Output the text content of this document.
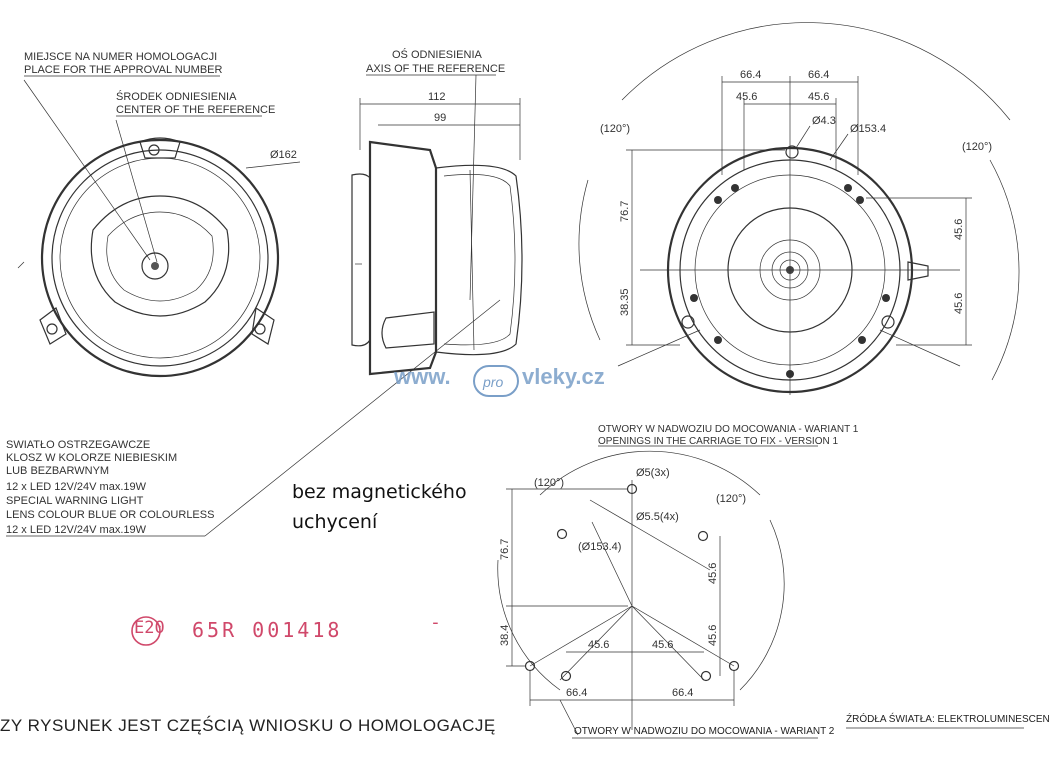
MIEJSCE NA NUMER HOMOLOGACJI
PLACE FOR THE APPROVAL NUMBER
ŚRODEK ODNIESIENIA
CENTER OF THE REFERENCE
Ø162
OŚ ODNIESIENIA
AXIS OF THE REFERENCE
112
99
66.4	66.4
45.6	45.6
Ø4.3
Ø153.4
(120°)
(120°)
76.7
38.35
45.6
45.6
SWIATŁO OSTRZEGAWCZE
KLOSZ W KOLORZE NIEBIESKIM
LUB BEZBARWNYM
12 x LED 12V/24V max.19W
SPECIAL WARNING LIGHT
LENS COLOUR BLUE OR COLOURLESS
12 x LED 12V/24V max.19W
OTWORY W NADWOZIU DO MOCOWANIA - WARIANT 1
OPENINGS IN THE CARRIAGE TO FIX - VERSION 1
Ø5(3x)
Ø5.5(4x)
(Ø153.4)
(120°)
(120°)
76.7
38.4
45.6
45.6
45.6	45.6
66.4	66.4
pro
www.	vleky.cz
bez magnetického
uchycení
E20 65R 001418	-
ZY RYSUNEK JEST CZĘŚCIĄ WNIOSKU O HOMOLOGACJĘ	OTWORY W NADWOZIU DO MOCOWANIA - WARIANT 2
ŹRÓDŁA ŚWIATŁA: ELEKTROLUMINESCEN
